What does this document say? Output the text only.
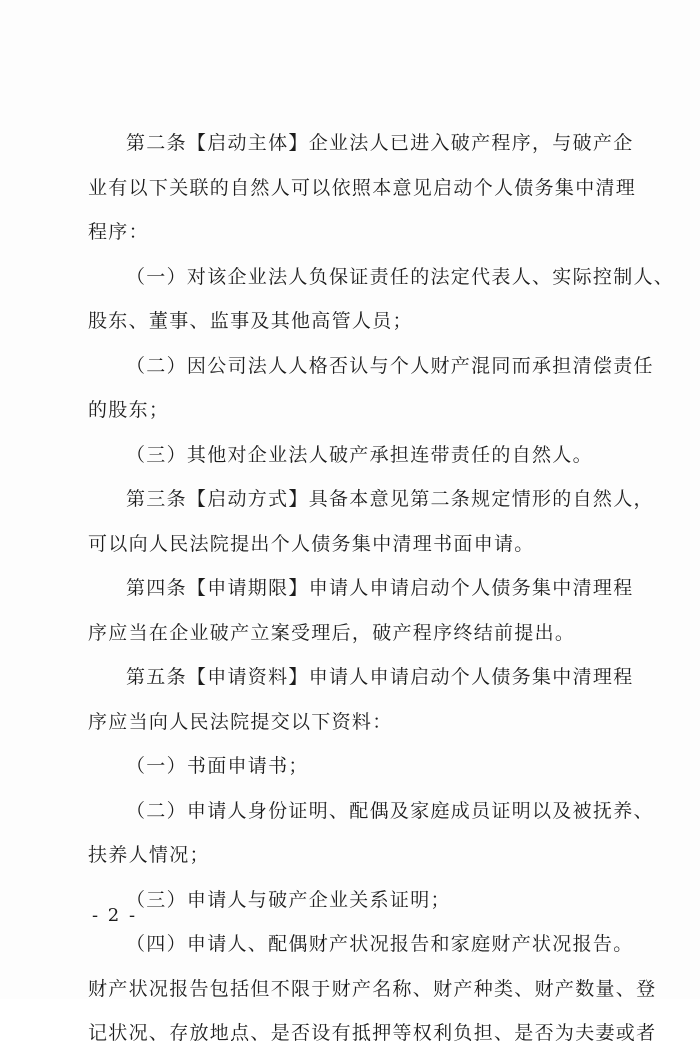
第二条【启动主体】企业法人已进入破产程序，与破产企
业有以下关联的自然人可以依照本意见启动个人债务集中清理
程序：
（一）对该企业法人负保证责任的法定代表人、实际控制人、
股东、董事、监事及其他高管人员；
（二）因公司法人人格否认与个人财产混同而承担清偿责任
的股东；
（三）其他对企业法人破产承担连带责任的自然人。
第三条【启动方式】具备本意见第二条规定情形的自然人，
可以向人民法院提出个人债务集中清理书面申请。
第四条【申请期限】申请人申请启动个人债务集中清理程
序应当在企业破产立案受理后，破产程序终结前提出。
第五条【申请资料】申请人申请启动个人债务集中清理程
序应当向人民法院提交以下资料：
（一）书面申请书；
（二）申请人身份证明、配偶及家庭成员证明以及被抚养、
扶养人情况；
（三）申请人与破产企业关系证明；
（四）申请人、配偶财产状况报告和家庭财产状况报告。
财产状况报告包括但不限于财产名称、财产种类、财产数量、登
记状况、存放地点、是否设有抵押等权利负担、是否为夫妻或者
- 2 -
